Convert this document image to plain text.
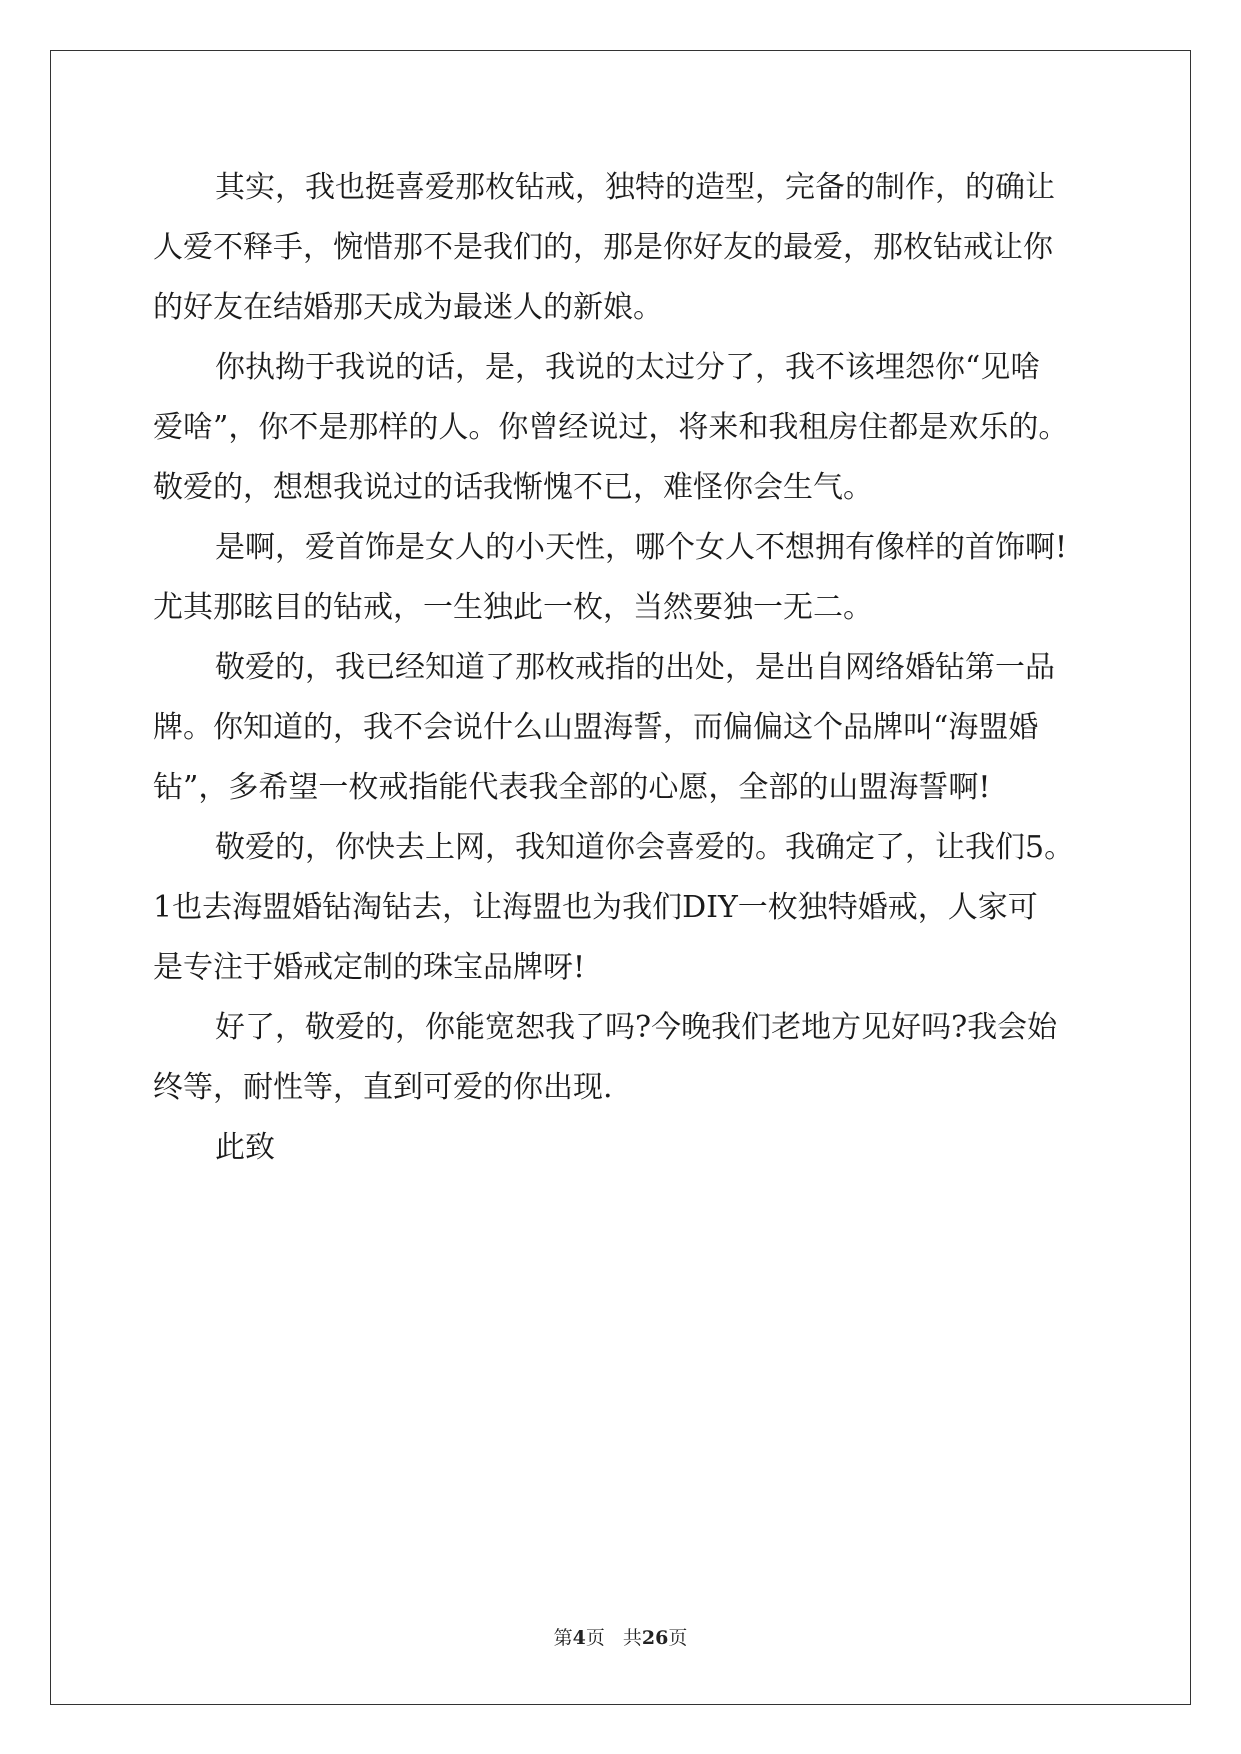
其实，我也挺喜爱那枚钻戒，独特的造型，完备的制作，的确让
人爱不释手，惋惜那不是我们的，那是你好友的最爱，那枚钻戒让你
的好友在结婚那天成为最迷人的新娘。
你执拗于我说的话，是，我说的太过分了，我不该埋怨你“见啥
爱啥”，你不是那样的人。你曾经说过，将来和我租房住都是欢乐的。
敬爱的，想想我说过的话我惭愧不已，难怪你会生气。
是啊，爱首饰是女人的小天性，哪个女人不想拥有像样的首饰啊!
尤其那眩目的钻戒，一生独此一枚，当然要独一无二。
敬爱的，我已经知道了那枚戒指的出处，是出自网络婚钻第一品
牌。你知道的，我不会说什么山盟海誓，而偏偏这个品牌叫“海盟婚
钻”，多希望一枚戒指能代表我全部的心愿，全部的山盟海誓啊!
敬爱的，你快去上网，我知道你会喜爱的。我确定了，让我们5。
1也去海盟婚钻淘钻去，让海盟也为我们DIY一枚独特婚戒，人家可
是专注于婚戒定制的珠宝品牌呀!
好了，敬爱的，你能宽恕我了吗?今晚我们老地方见好吗?我会始
终等，耐性等，直到可爱的你出现.
此致
第4页 共26页
